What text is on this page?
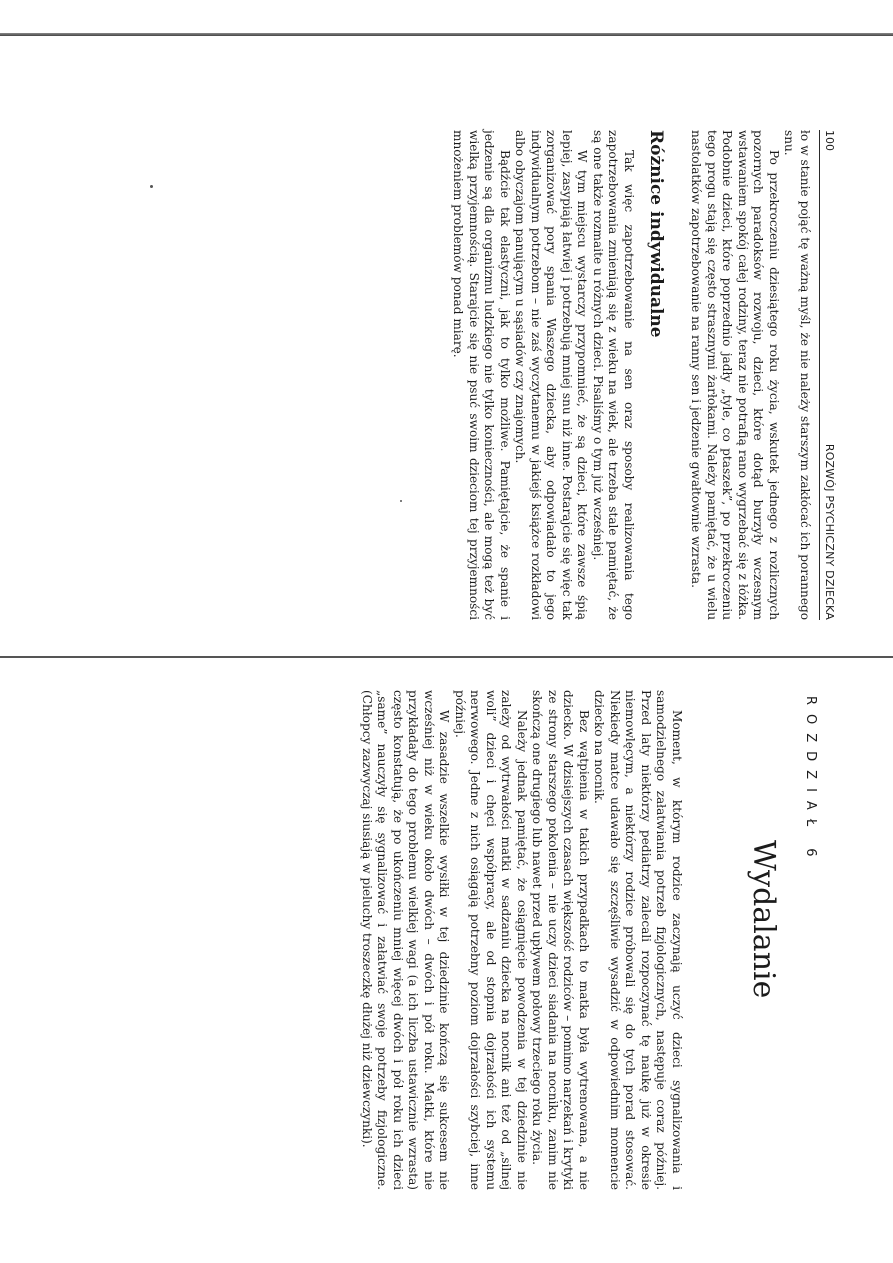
100
ROZWÓJ PSYCHICZNY DZIECKA

ło w stanie pojąć tę ważną myśl, że nie należy starszym zakłócać ich porannego snu.

Po przekroczeniu dziesiątego roku życia, wskutek jednego z rozlicznych pozornych paradoksów rozwoju, dzieci, które dotąd burzyły wczesnym wstawaniem spokój całej rodziny, teraz nie potrafią rano wygrzebać się z łóżka. Podobnie dzieci, które poprzednio jadły „tyle, co ptaszek”, po przekroczeniu tego progu stają się często strasznymi żarłokami. Należy pamiętać, że u wielu nastolatków zapotrzebowanie na ranny sen i jedzenie gwałtownie wzrasta.

Różnice indywidualne

Tak więc zapotrzebowanie na sen oraz sposoby realizowania tego zapotrzebowania zmieniają się z wieku na wiek, ale trzeba stale pamiętać, że są one także rozmaite u różnych dzieci. Pisaliśmy o tym już wcześniej.

W tym miejscu wystarczy przypomnieć, że są dzieci, które zawsze śpią lepiej, zasypiają łatwiej i potrzebują mniej snu niż inne. Postarajcie się więc tak zorganizować pory spania Waszego dziecka, aby odpowiadało to jego indywidualnym potrzebom – nie zaś wyczytanemu w jakiejś książce rozkładowi albo obyczajom panującym u sąsiadów czy znajomych.

Bądźcie tak elastyczni, jak to tylko możliwe. Pamiętajcie, że spanie i jedzenie są dla organizmu ludzkiego nie tylko konieczności, ale mogą też być wielką przyjemnością. Starajcie się nie psuć swoim dzieciom tej przyjemności mnożeniem problemów ponad miarę.

ROZDZIAŁ 6
Wydalanie

Moment, w którym rodzice zaczynają uczyć dzieci sygnalizowania i samodzielnego załatwiania potrzeb fizjologicznych, następuje coraz później. Przed laty niektórzy pediatrzy zalecali rozpoczynać tę naukę już w okresie niemowlęcym, a niektórzy rodzice próbowali się do tych porad stosować. Niekiedy matce udawało się szczęśliwie wysadzić w odpowiednim momencie dziecko na nocnik.

Bez wątpienia w takich przypadkach to matka była wytrenowana, a nie dziecko. W dzisiejszych czasach większość rodziców – pomimo narzekań i krytyki ze strony starszego pokolenia – nie uczy dzieci siadania na nocniku, zanim nie skończą one drugiego lub nawet przed upływem połowy trzeciego roku życia.

Należy jednak pamiętać, że osiągnięcie powodzenia w tej dziedzinie nie zależy od wytrwałości matki w sadzaniu dziecka na nocnik ani też od „silnej woli” dzieci i chęci współpracy, ale od stopnia dojrzałości ich systemu nerwowego. Jedne z nich osiągają potrzebny poziom dojrzałości szybciej, inne później.

W zasadzie wszelkie wysiłki w tej dziedzinie kończą się sukcesem nie wcześniej niż w wieku około dwóch – dwóch i pół roku. Matki, które nie przykładały do tego problemu wielkiej wagi (a ich liczba ustawicznie wzrasta) często konstatują, że po ukończeniu mniej więcej dwóch i pół roku ich dzieci „same” nauczyły się sygnalizować i załatwiać swoje potrzeby fizjologiczne. (Chłopcy zazwyczaj siusiają w pieluchy troszeczkę dłużej niż dziewczynki).
